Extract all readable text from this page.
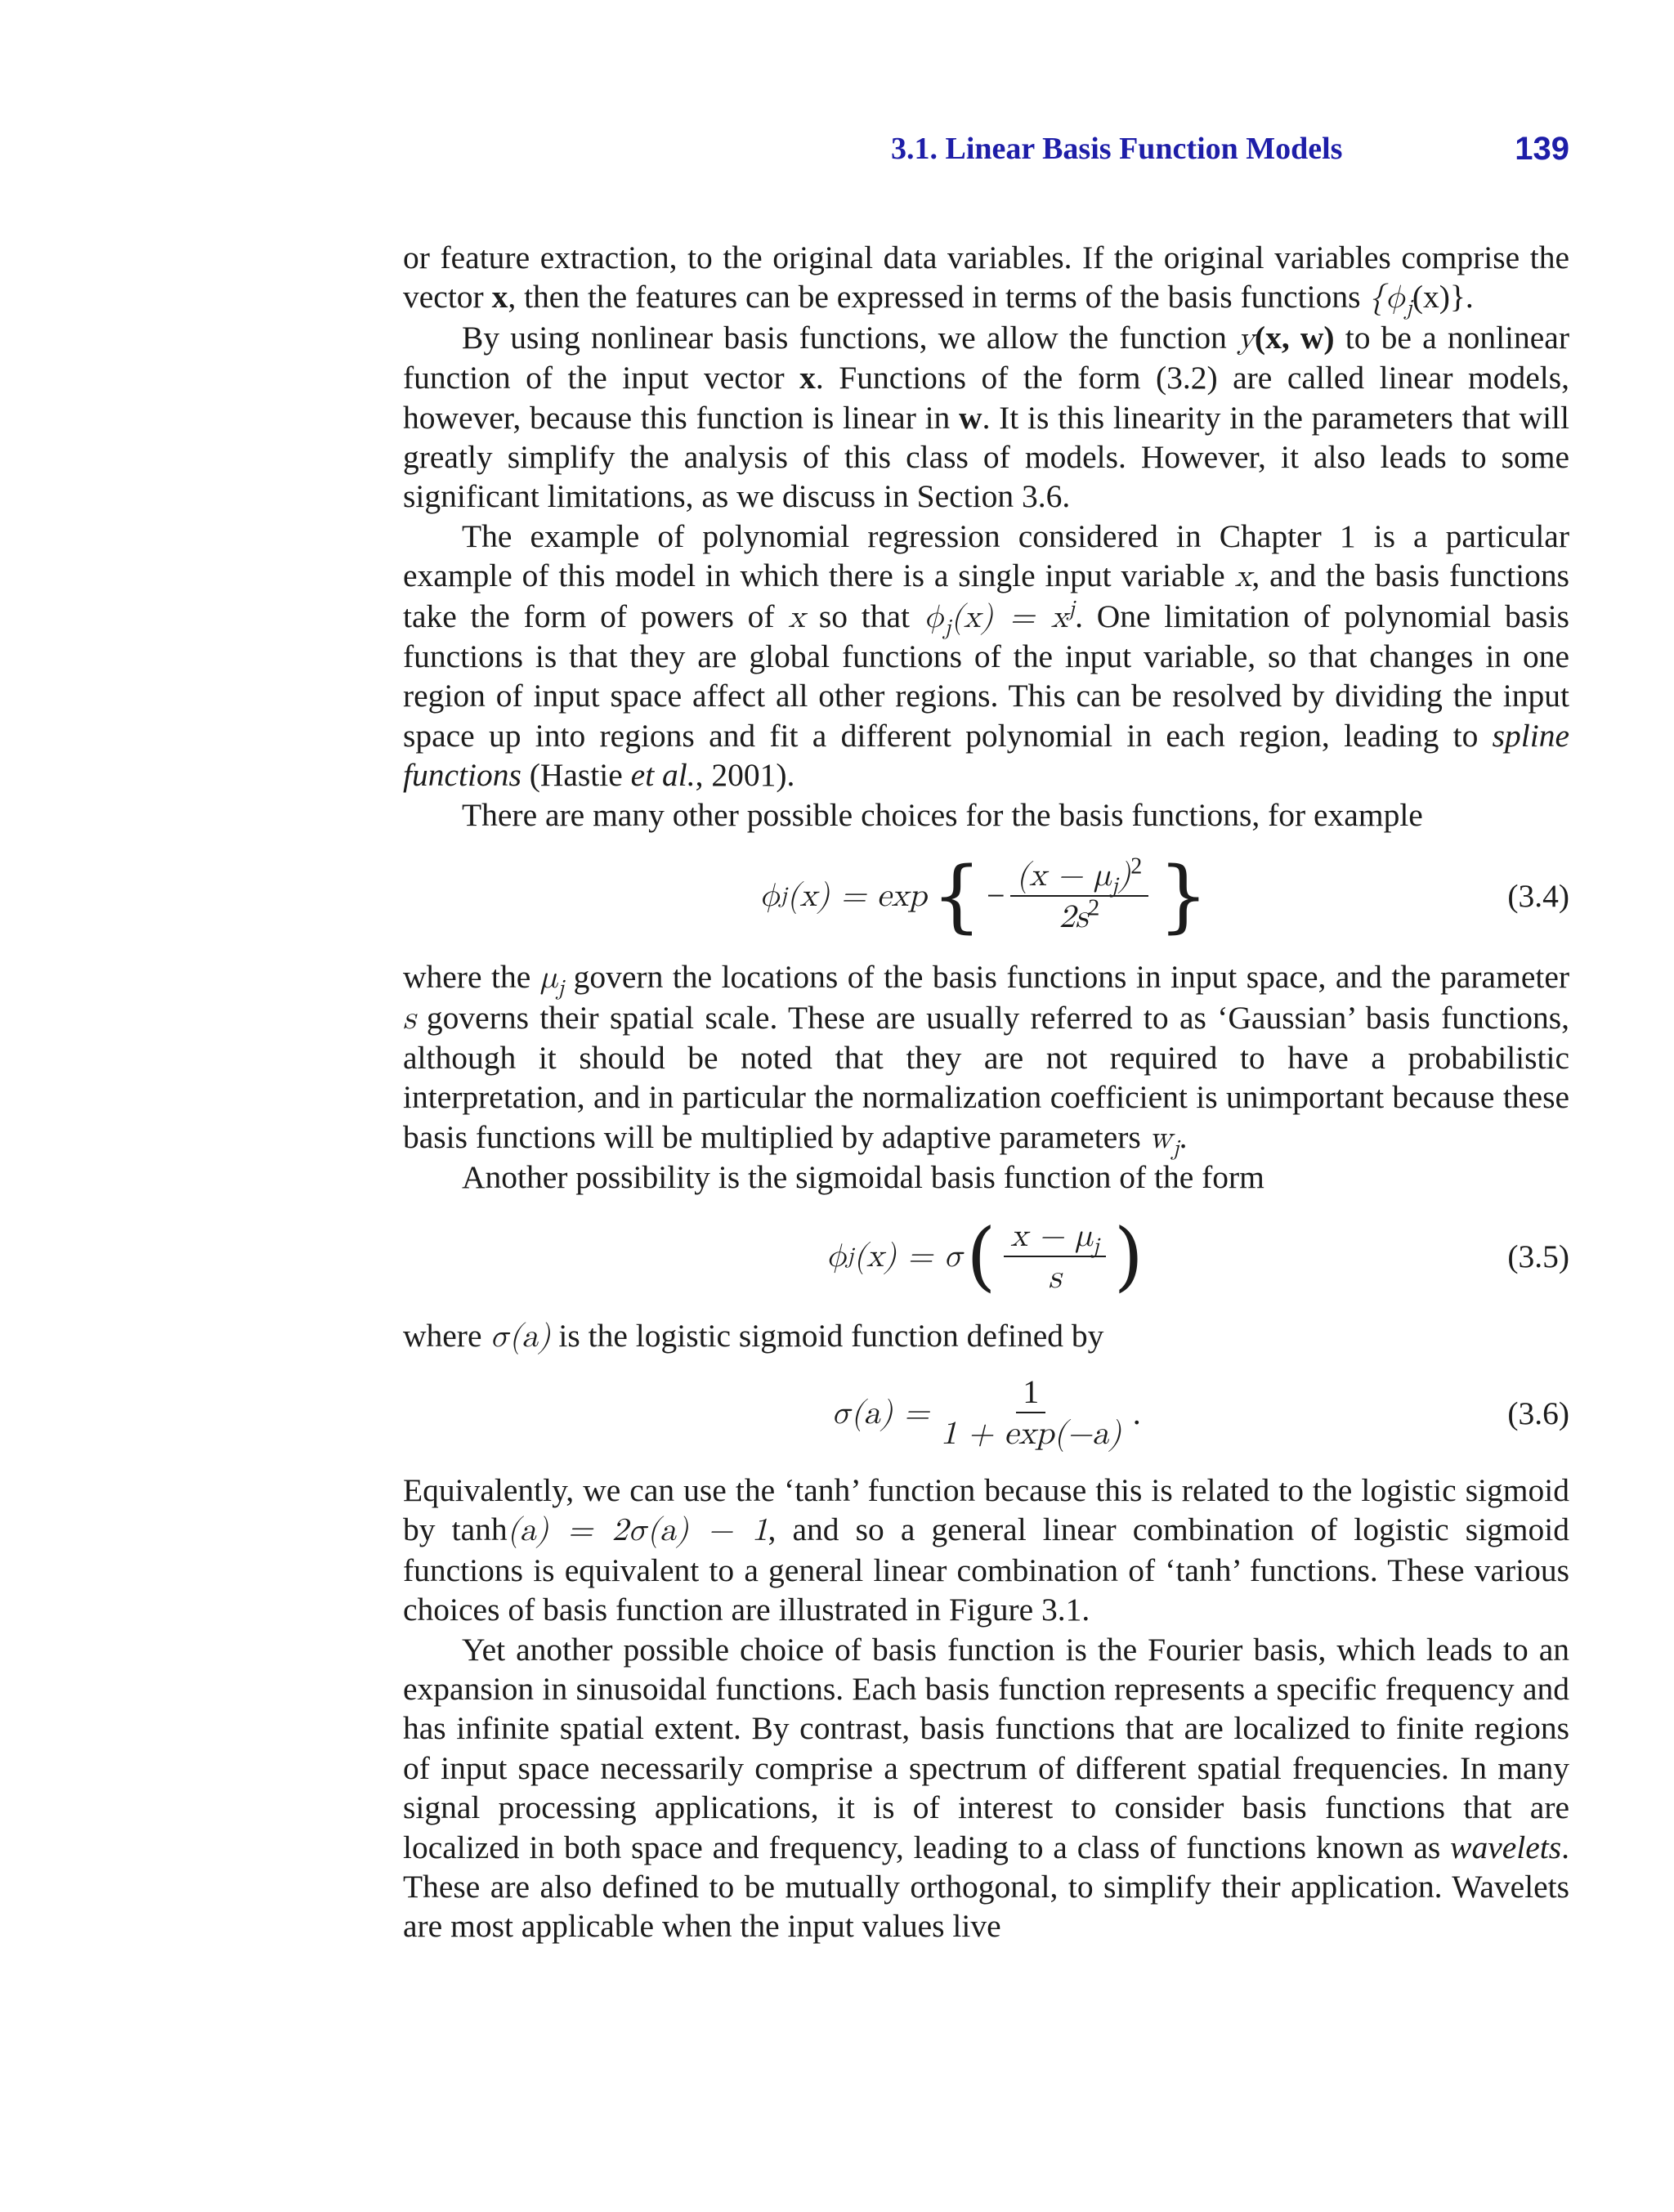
3.1. Linear Basis Function Models	139

or feature extraction, to the original data variables. If the original variables comprise the vector x, then the features can be expressed in terms of the basis functions $\{\phi_j(x)\}$.

By using nonlinear basis functions, we allow the function y(x, w) to be a nonlinear function of the input vector x. Functions of the form (3.2) are called linear models, however, because this function is linear in w. It is this linearity in the parameters that will greatly simplify the analysis of this class of models. However, it also leads to some significant limitations, as we discuss in Section 3.6.

The example of polynomial regression considered in Chapter 1 is a particular example of this model in which there is a single input variable x, and the basis functions take the form of powers of x so that $\phi_j(x) = x^j$. One limitation of polynomial basis functions is that they are global functions of the input variable, so that changes in one region of input space affect all other regions. This can be resolved by dividing the input space up into regions and fit a different polynomial in each region, leading to spline functions (Hastie et al., 2001).

There are many other possible choices for the basis functions, for example

ϕ j (x) = exp { − $\frac{(x - \mu_j)^2}{2s^2}$ }	(3.4)

where the $\mu_j$ govern the locations of the basis functions in input space, and the parameter s governs their spatial scale. These are usually referred to as ‘Gaussian’ basis functions, although it should be noted that they are not required to have a probabilistic interpretation, and in particular the normalization coefficient is unimportant because these basis functions will be multiplied by adaptive parameters $w_j$.

Another possibility is the sigmoidal basis function of the form

ϕ j (x) = σ ( $\frac{x - \mu_j}{s}$ )	(3.5)

where σ(a) is the logistic sigmoid function defined by

$\sigma(a) = \frac{1}{1 + \exp(-a)}$ .	(3.6)

Equivalently, we can use the ‘tanh’ function because this is related to the logistic sigmoid by tanh(a) = 2σ(a) − 1, and so a general linear combination of logistic sigmoid functions is equivalent to a general linear combination of ‘tanh’ functions. These various choices of basis function are illustrated in Figure 3.1.

Yet another possible choice of basis function is the Fourier basis, which leads to an expansion in sinusoidal functions. Each basis function represents a specific frequency and has infinite spatial extent. By contrast, basis functions that are localized to finite regions of input space necessarily comprise a spectrum of different spatial frequencies. In many signal processing applications, it is of interest to consider basis functions that are localized in both space and frequency, leading to a class of functions known as wavelets. These are also defined to be mutually orthogonal, to simplify their application. Wavelets are most applicable when the input values live
